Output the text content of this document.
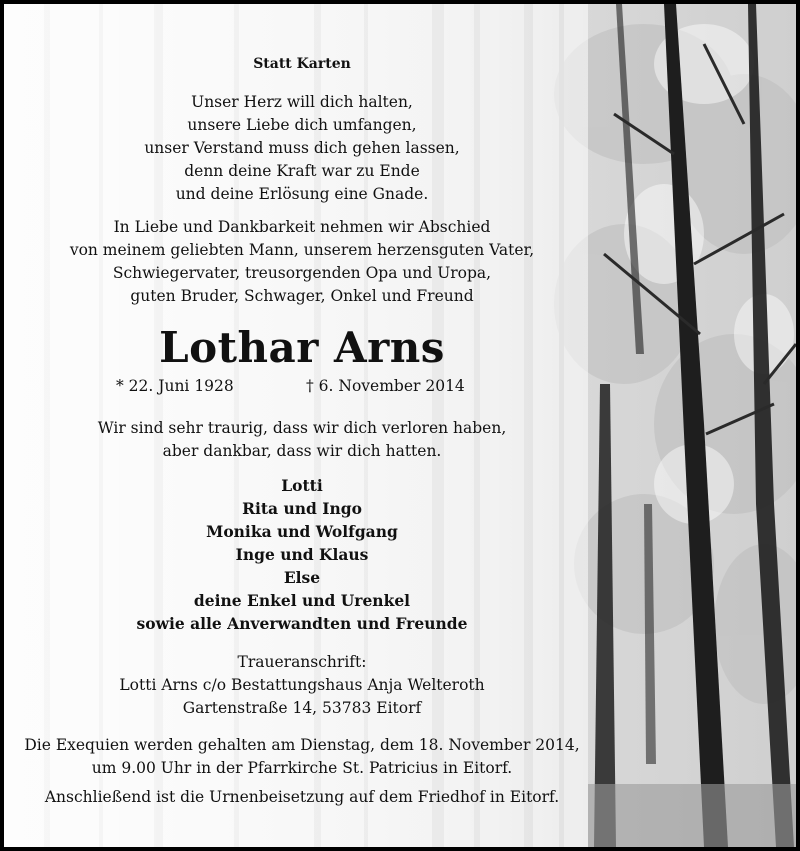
Statt Karten
Unser Herz will dich halten,
unsere Liebe dich umfangen,
unser Verstand muss dich gehen lassen,
denn deine Kraft war zu Ende
und deine Erlösung eine Gnade.
In Liebe und Dankbarkeit nehmen wir Abschied
von meinem geliebten Mann, unserem herzensguten Vater,
Schwiegervater, treusorgenden Opa und Uropa,
guten Bruder, Schwager, Onkel und Freund
Lothar Arns
* 22. Juni 1928	† 6. November 2014
Wir sind sehr traurig, dass wir dich verloren haben,
aber dankbar, dass wir dich hatten.
Lotti
Rita und Ingo
Monika und Wolfgang
Inge und Klaus
Else
deine Enkel und Urenkel
sowie alle Anverwandten und Freunde
Traueranschrift:
Lotti Arns c/o Bestattungshaus Anja Welteroth
Gartenstraße 14, 53783 Eitorf
Die Exequien werden gehalten am Dienstag, dem 18. November 2014,
um 9.00 Uhr in der Pfarrkirche St. Patricius in Eitorf.
Anschließend ist die Urnenbeisetzung auf dem Friedhof in Eitorf.
